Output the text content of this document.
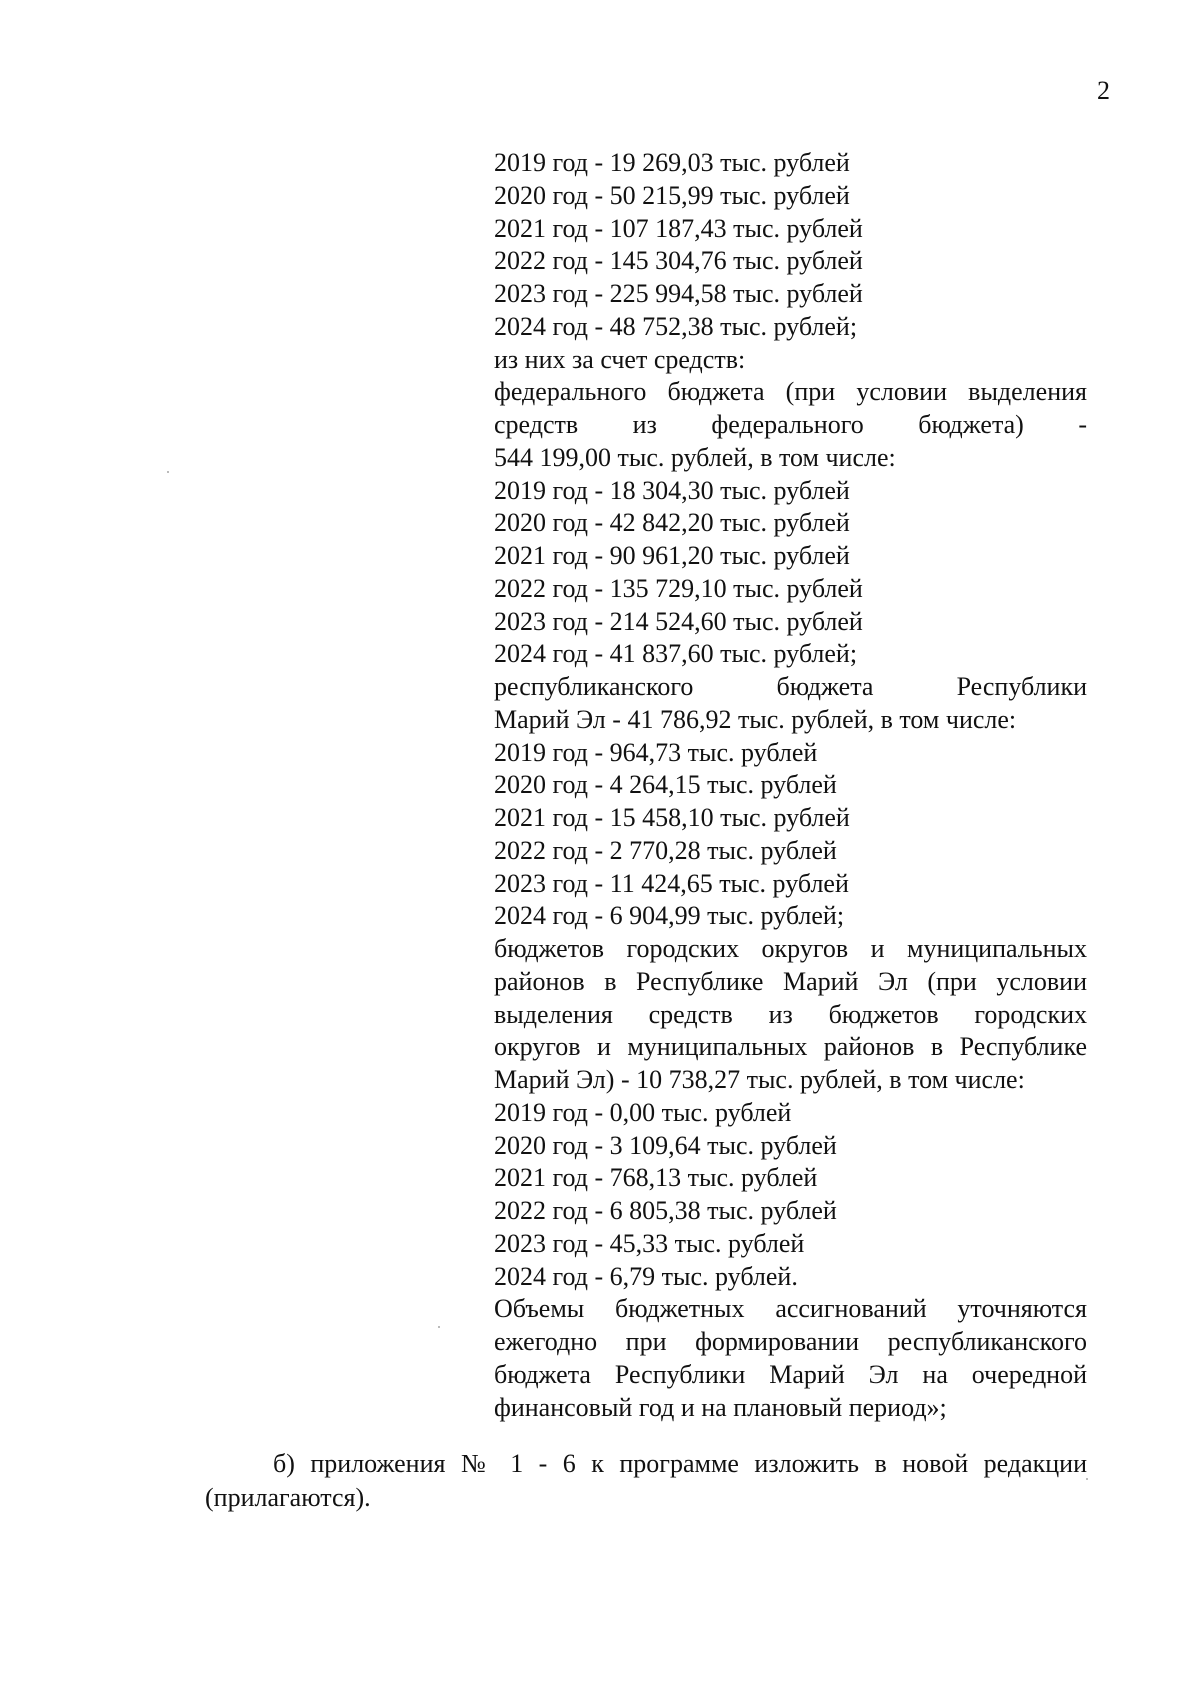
2
2019 год - 19 269,03 тыс. рублей
2020 год - 50 215,99 тыс. рублей
2021 год - 107 187,43 тыс. рублей
2022 год - 145 304,76 тыс. рублей
2023 год - 225 994,58 тыс. рублей
2024 год - 48 752,38 тыс. рублей;
из них за счет средств:
федерального бюджета (при условии выделения
средств из федерального бюджета) -
544 199,00 тыс. рублей, в том числе:
2019 год - 18 304,30 тыс. рублей
2020 год - 42 842,20 тыс. рублей
2021 год - 90 961,20 тыс. рублей
2022 год - 135 729,10 тыс. рублей
2023 год - 214 524,60 тыс. рублей
2024 год - 41 837,60 тыс. рублей;
республиканского бюджета Республики
Марий Эл - 41 786,92 тыс. рублей, в том числе:
2019 год - 964,73 тыс. рублей
2020 год - 4 264,15 тыс. рублей
2021 год - 15 458,10 тыс. рублей
2022 год - 2 770,28 тыс. рублей
2023 год - 11 424,65 тыс. рублей
2024 год - 6 904,99 тыс. рублей;
бюджетов городских округов и муниципальных
районов в Республике Марий Эл (при условии
выделения средств из бюджетов городских
округов и муниципальных районов в Республике
Марий Эл) - 10 738,27 тыс. рублей, в том числе:
2019 год - 0,00 тыс. рублей
2020 год - 3 109,64 тыс. рублей
2021 год - 768,13 тыс. рублей
2022 год - 6 805,38 тыс. рублей
2023 год - 45,33 тыс. рублей
2024 год - 6,79 тыс. рублей.
Объемы бюджетных ассигнований уточняются
ежегодно при формировании республиканского
бюджета Республики Марий Эл на очередной
финансовый год и на плановый период»;
б) приложения № 1 - 6 к программе изложить в новой редакции
(прилагаются).
